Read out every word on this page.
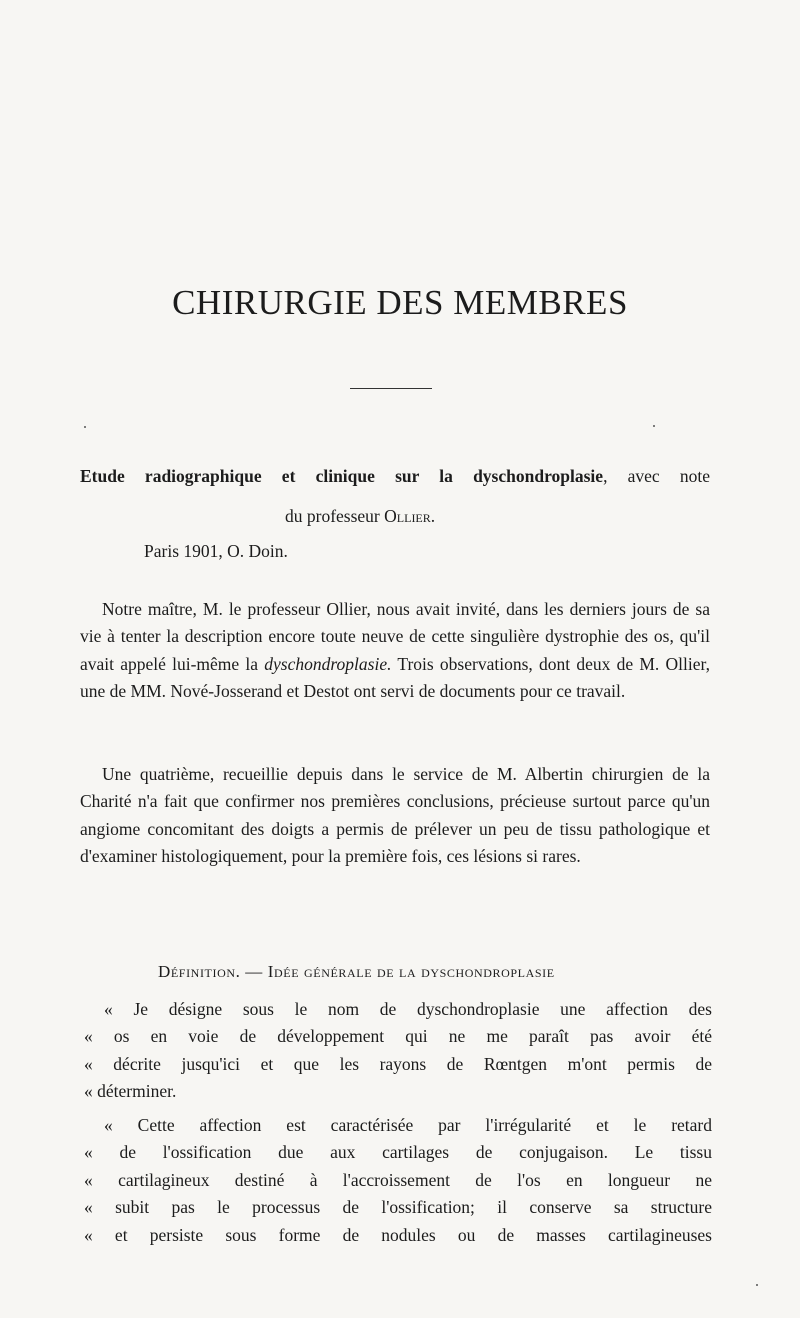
CHIRURGIE DES MEMBRES

Etude radiographique et clinique sur la dyschondroplasie, avec note

du professeur Ollier.

Paris 1901, O. Doin.

Notre maître, M. le professeur Ollier, nous avait invité, dans les derniers jours de sa vie à tenter la description encore toute neuve de cette singulière dystrophie des os, qu'il avait appelé lui-même la dyschondroplasie. Trois observations, dont deux de M. Ollier, une de MM. Nové-Josserand et Destot ont servi de documents pour ce travail.

Une quatrième, recueillie depuis dans le service de M. Albertin chirurgien de la Charité n'a fait que confirmer nos premières conclusions, précieuse surtout parce qu'un angiome concomitant des doigts a permis de prélever un peu de tissu pathologique et d'examiner histologiquement, pour la première fois, ces lésions si rares.

Définition. — Idée générale de la dyschondroplasie
« Je désigne sous le nom de dyschondroplasie une affection des
« os en voie de développement qui ne me paraît pas avoir été
« décrite jusqu'ici et que les rayons de Rœntgen m'ont permis de
« déterminer.
« Cette affection est caractérisée par l'irrégularité et le retard
« de l'ossification due aux cartilages de conjugaison. Le tissu
« cartilagineux destiné à l'accroissement de l'os en longueur ne
« subit pas le processus de l'ossification; il conserve sa structure
« et persiste sous forme de nodules ou de masses cartilagineuses
